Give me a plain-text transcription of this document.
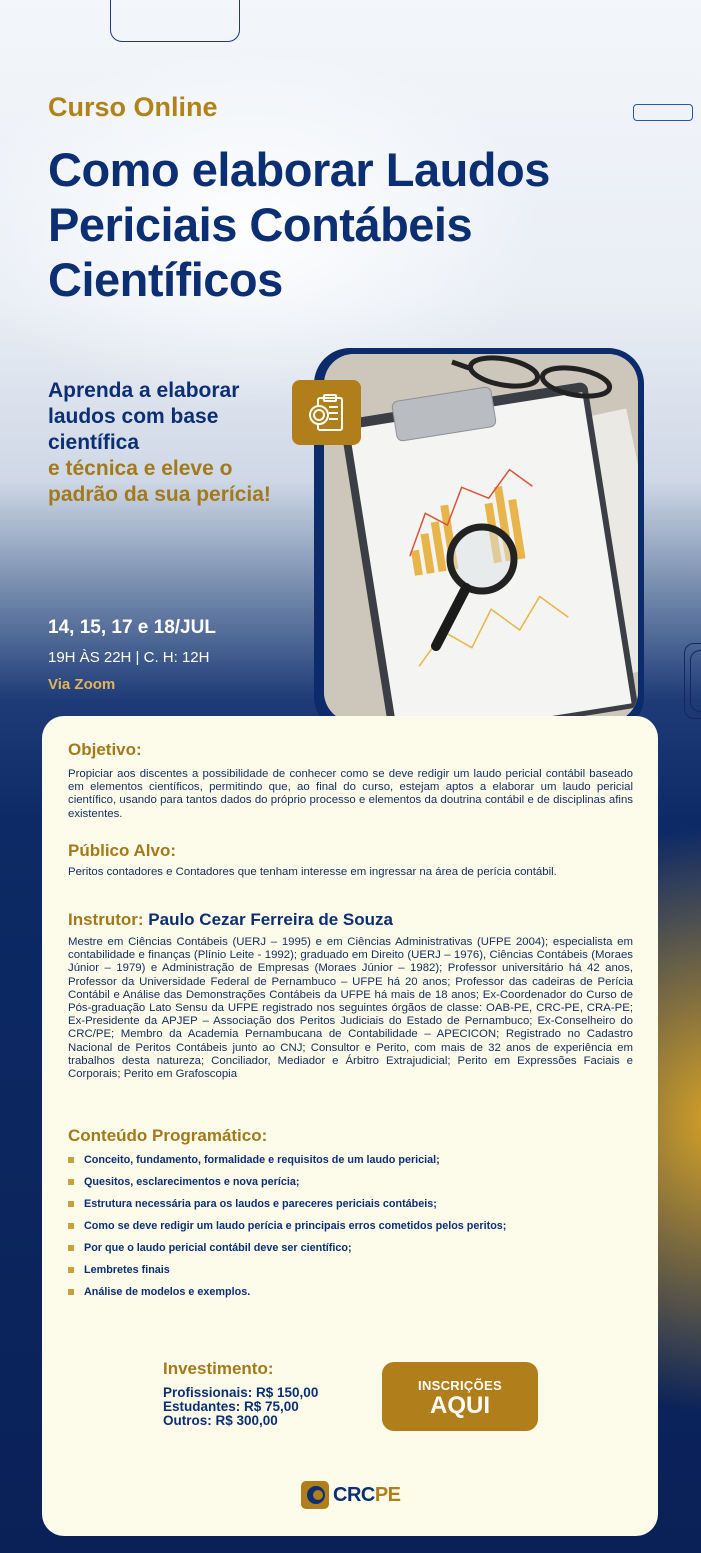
Curso Online
Como elaborar Laudos Periciais Contábeis Científicos
Aprenda a elaborar laudos com base científica
e técnica e eleve o padrão da sua perícia!
14, 15, 17 e 18/JUL
19H ÀS 22H | C. H: 12H
Via Zoom
Objetivo:
Propiciar aos discentes a possibilidade de conhecer como se deve redigir um laudo pericial contábil baseado em elementos científicos, permitindo que, ao final do curso, estejam aptos a elaborar um laudo pericial científico, usando para tantos dados do próprio processo e elementos da doutrina contábil e de disciplinas afins existentes.
Público Alvo:
Peritos contadores e Contadores que tenham interesse em ingressar na área de perícia contábil.
Instrutor: Paulo Cezar Ferreira de Souza
Mestre em Ciências Contábeis (UERJ – 1995) e em Ciências Administrativas (UFPE 2004); especialista em contabilidade e finanças (Plínio Leite - 1992); graduado em Direito (UERJ – 1976), Ciências Contábeis (Moraes Júnior – 1979) e Administração de Empresas (Moraes Júnior – 1982); Professor universitário há 42 anos, Professor da Universidade Federal de Pernambuco – UFPE há 20 anos; Professor das cadeiras de Perícia Contábil e Análise das Demonstrações Contábeis da UFPE há mais de 18 anos; Ex-Coordenador do Curso de Pós-graduação Lato Sensu da UFPE registrado nos seguintes órgãos de classe: OAB-PE, CRC-PE, CRA-PE; Ex-Presidente da APJEP – Associação dos Peritos Judiciais do Estado de Pernambuco; Ex-Conselheiro do CRC/PE; Membro da Academia Pernambucana de Contabilidade – APECICON; Registrado no Cadastro Nacional de Peritos Contábeis junto ao CNJ; Consultor e Perito, com mais de 32 anos de experiência em trabalhos desta natureza; Conciliador, Mediador e Árbitro Extrajudicial; Perito em Expressões Faciais e Corporais; Perito em Grafoscopia
Conteúdo Programático:
Conceito, fundamento, formalidade e requisitos de um laudo pericial;
Quesitos, esclarecimentos e nova perícia;
Estrutura necessária para os laudos e pareceres periciais contábeis;
Como se deve redigir um laudo perícia e principais erros cometidos pelos peritos;
Por que o laudo pericial contábil deve ser científico;
Lembretes finais
Análise de modelos e exemplos.
Investimento:
Profissionais: R$ 150,00
Estudantes: R$ 75,00
Outros: R$ 300,00
INSCRIÇÕES
AQUI
CRCPE
